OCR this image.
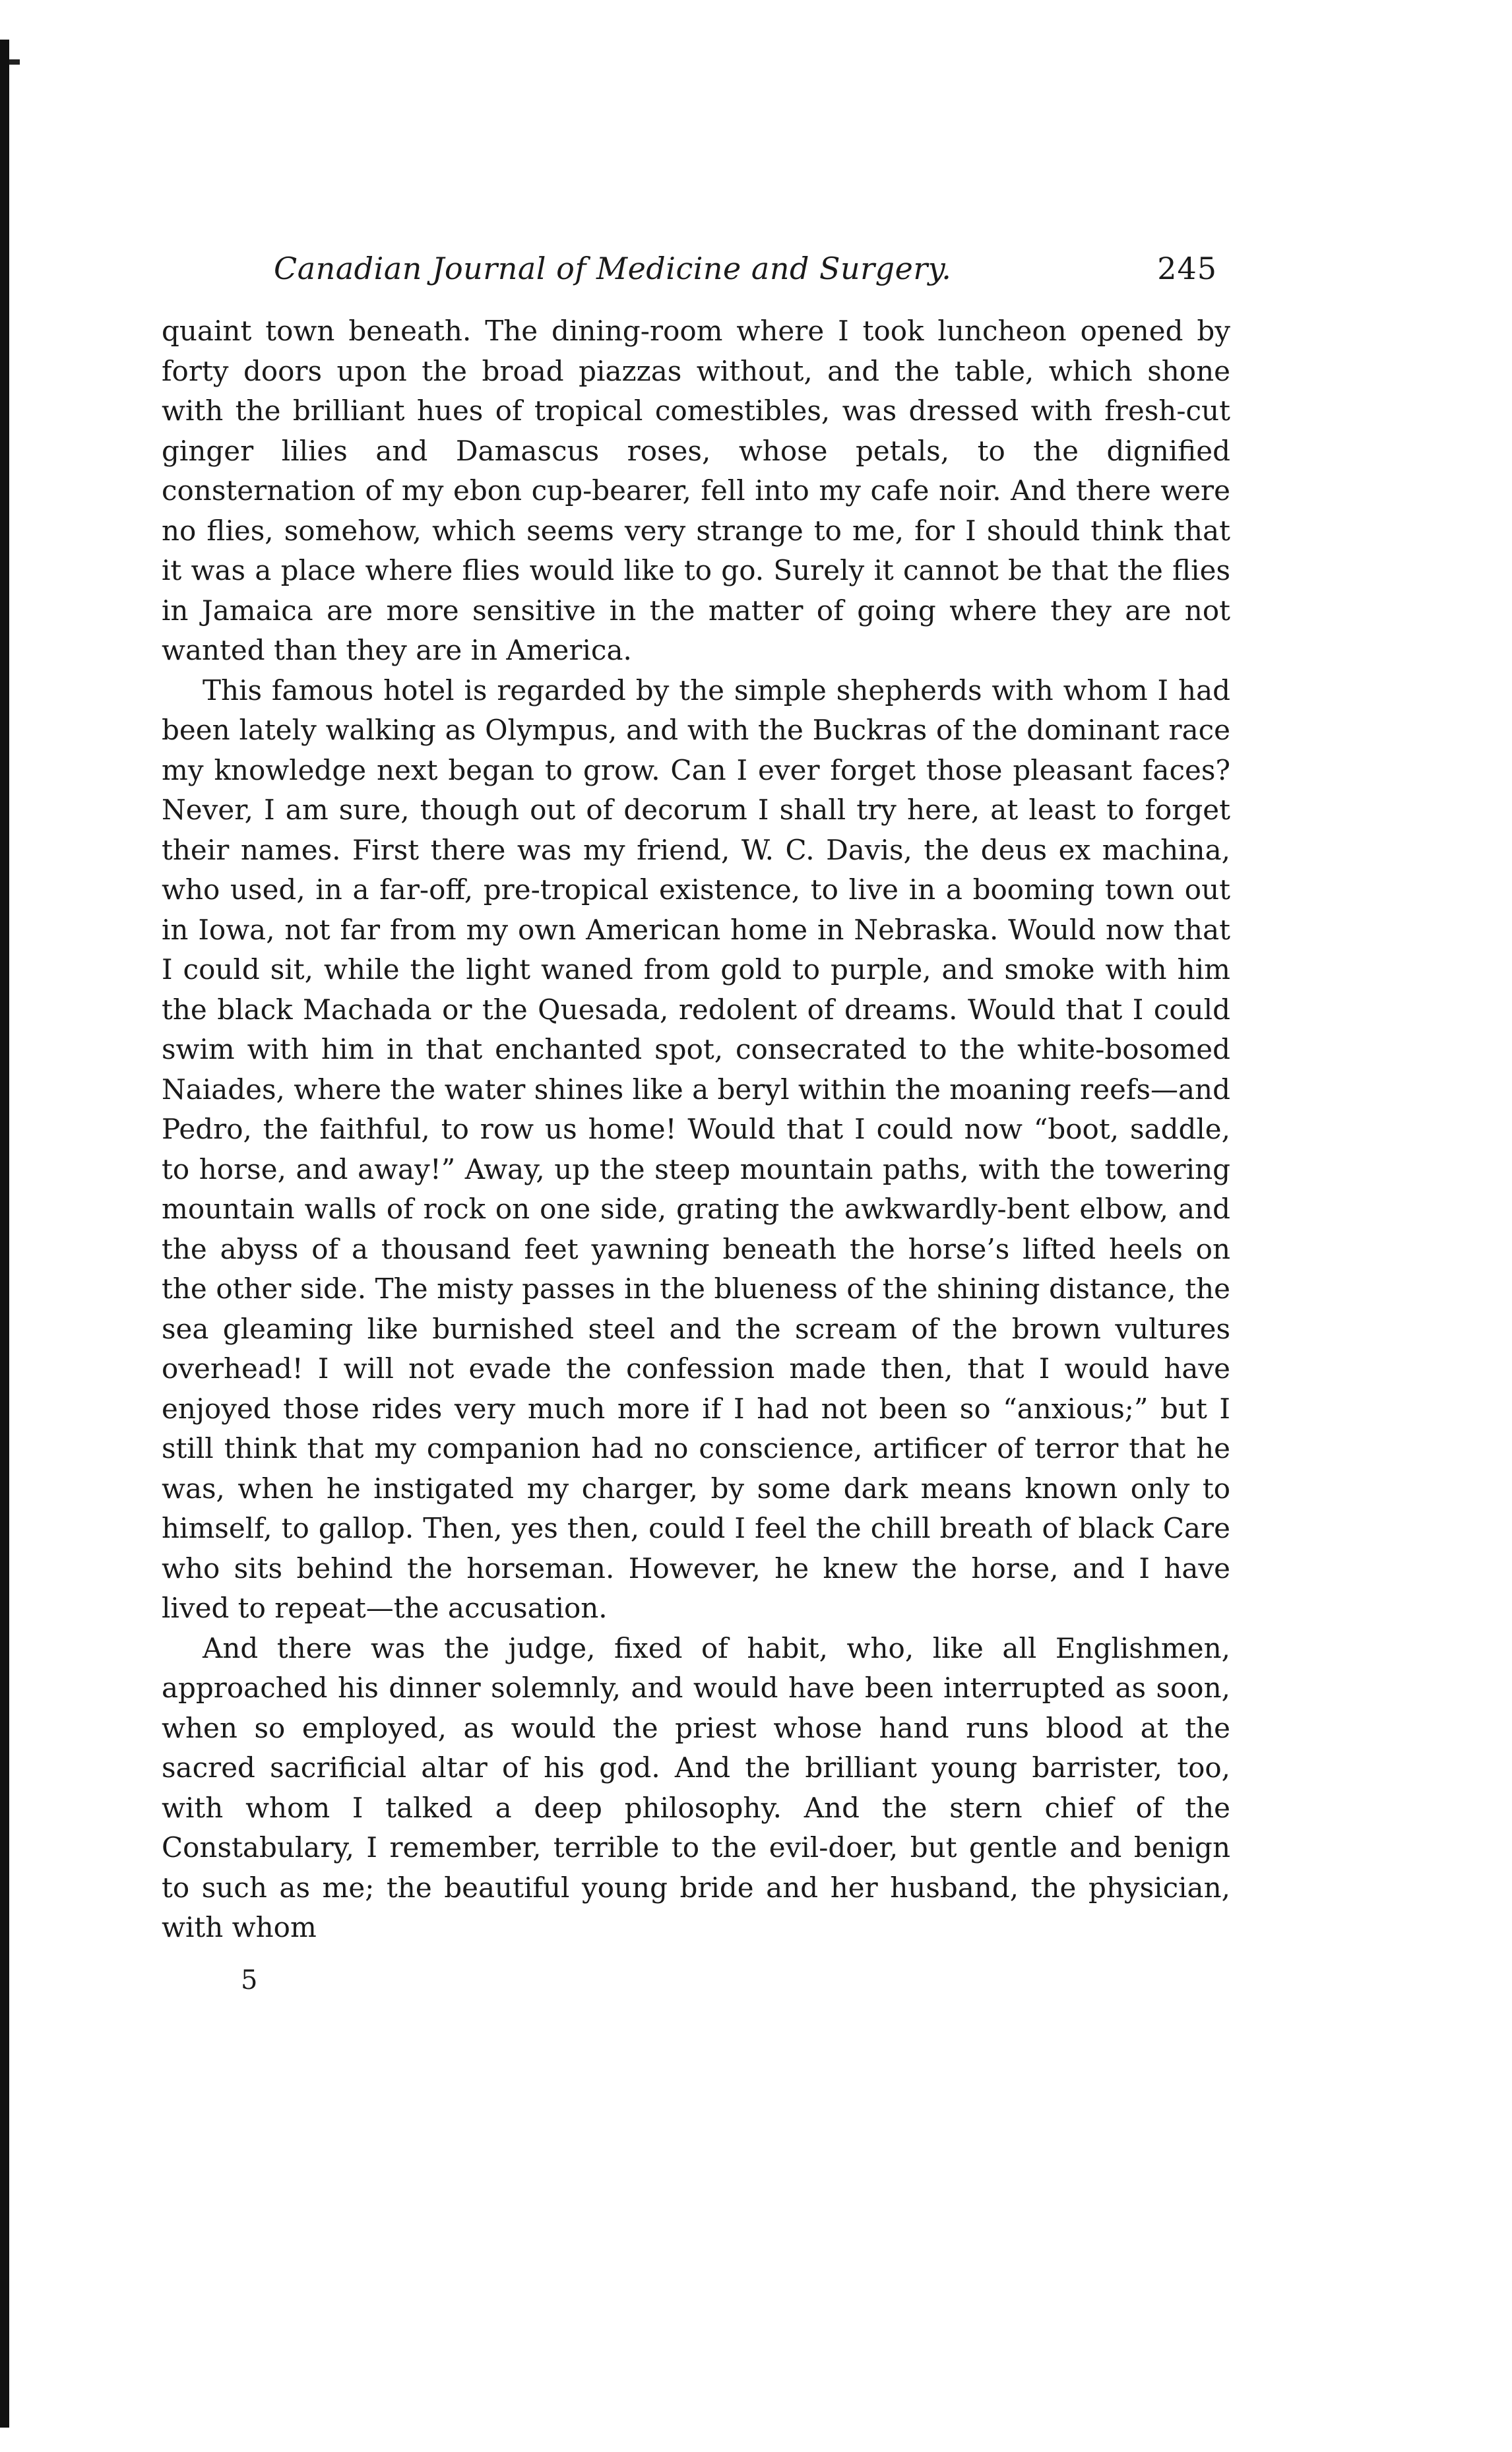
Canadian Journal of Medicine and Surgery.	245

quaint town beneath. The dining-room where I took luncheon opened by forty doors upon the broad piazzas without, and the table, which shone with the brilliant hues of tropical comestibles, was dressed with fresh-cut ginger lilies and Damascus roses, whose petals, to the dignified consternation of my ebon cup-bearer, fell into my cafe noir. And there were no flies, somehow, which seems very strange to me, for I should think that it was a place where flies would like to go. Surely it cannot be that the flies in Jamaica are more sensitive in the matter of going where they are not wanted than they are in America.

This famous hotel is regarded by the simple shepherds with whom I had been lately walking as Olympus, and with the Buckras of the dominant race my knowledge next began to grow. Can I ever forget those pleasant faces? Never, I am sure, though out of decorum I shall try here, at least to forget their names. First there was my friend, W. C. Davis, the deus ex machina, who used, in a far-off, pre-tropical existence, to live in a booming town out in Iowa, not far from my own American home in Nebraska. Would now that I could sit, while the light waned from gold to purple, and smoke with him the black Machada or the Quesada, redolent of dreams. Would that I could swim with him in that enchanted spot, consecrated to the white-bosomed Naiades, where the water shines like a beryl within the moaning reefs—and Pedro, the faithful, to row us home! Would that I could now “boot, saddle, to horse, and away!” Away, up the steep mountain paths, with the towering mountain walls of rock on one side, grating the awkwardly-bent elbow, and the abyss of a thousand feet yawning beneath the horse’s lifted heels on the other side. The misty passes in the blueness of the shining distance, the sea gleaming like burnished steel and the scream of the brown vultures overhead! I will not evade the confession made then, that I would have enjoyed those rides very much more if I had not been so “anxious;” but I still think that my companion had no conscience, artificer of terror that he was, when he instigated my charger, by some dark means known only to himself, to gallop. Then, yes then, could I feel the chill breath of black Care who sits behind the horseman. However, he knew the horse, and I have lived to repeat—the accusation.

And there was the judge, fixed of habit, who, like all Englishmen, approached his dinner solemnly, and would have been interrupted as soon, when so employed, as would the priest whose hand runs blood at the sacred sacrificial altar of his god. And the brilliant young barrister, too, with whom I talked a deep philosophy. And the stern chief of the Constabulary, I remember, terrible to the evil-doer, but gentle and benign to such as me; the beautiful young bride and her husband, the physician, with whom

5
